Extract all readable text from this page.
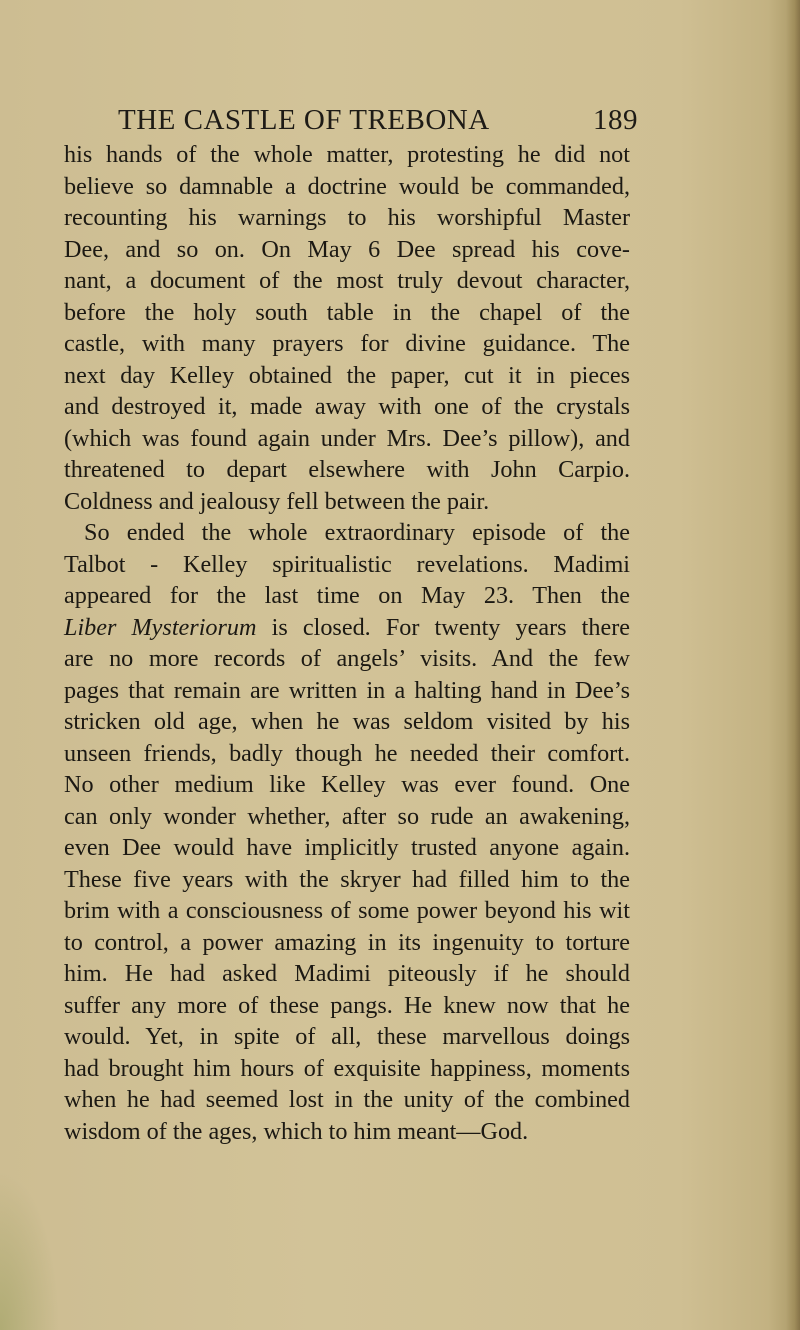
THE CASTLE OF TREBONA	189
his hands of the whole matter, protesting he did not
believe so damnable a doctrine would be commanded,
recounting his warnings to his worshipful Master
Dee, and so on. On May 6 Dee spread his cove-
nant, a document of the most truly devout character,
before the holy south table in the chapel of the
castle, with many prayers for divine guidance. The
next day Kelley obtained the paper, cut it in pieces
and destroyed it, made away with one of the crystals
(which was found again under Mrs. Dee’s pillow), and
threatened to depart elsewhere with John Carpio.
Coldness and jealousy fell between the pair.
So ended the whole extraordinary episode of the
Talbot - Kelley spiritualistic revelations. Madimi
appeared for the last time on May 23. Then the
Liber Mysteriorum is closed. For twenty years there
are no more records of angels’ visits. And the few
pages that remain are written in a halting hand in Dee’s
stricken old age, when he was seldom visited by his
unseen friends, badly though he needed their comfort.
No other medium like Kelley was ever found. One
can only wonder whether, after so rude an awakening,
even Dee would have implicitly trusted anyone again.
These five years with the skryer had filled him to the
brim with a consciousness of some power beyond his wit
to control, a power amazing in its ingenuity to torture
him. He had asked Madimi piteously if he should
suffer any more of these pangs. He knew now that he
would. Yet, in spite of all, these marvellous doings
had brought him hours of exquisite happiness, moments
when he had seemed lost in the unity of the combined
wisdom of the ages, which to him meant—God.
